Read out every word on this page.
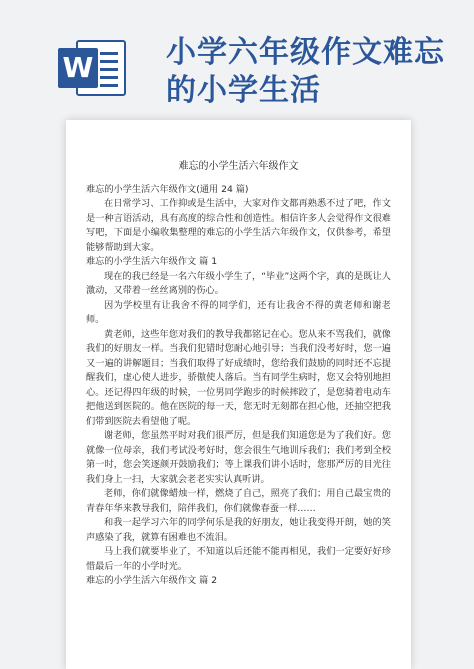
W 小学六年级作文难忘的小学生活
难忘的小学生活六年级作文

难忘的小学生活六年级作文(通用 24 篇)

在日常学习、工作抑或是生活中，大家对作文都再熟悉不过了吧，作文是一种言语活动，具有高度的综合性和创造性。相信许多人会觉得作文很难写吧，下面是小编收集整理的难忘的小学生活六年级作文，仅供参考，希望能够帮助到大家。

难忘的小学生活六年级作文 篇 1

现在的我已经是一名六年级小学生了，“毕业”这两个字，真的是既让人激动，又带着一丝丝离别的伤心。

因为学校里有让我舍不得的同学们，还有让我舍不得的黄老师和谢老师。

黄老师，这些年您对我们的教导我都铭记在心。您从来不骂我们，就像我们的好朋友一样。当我们犯错时您耐心地引导；当我们没考好时，您一遍又一遍的讲解题目；当我们取得了好成绩时，您给我们鼓励的同时还不忘提醒我们，虚心使人进步，骄傲使人落后。当有同学生病时，您又会特别地担心。还记得四年级的时候，一位男同学跑步的时候摔跤了，是您骑着电动车把他送到医院的。他在医院的每一天，您无时无刻都在担心他，还抽空把我们带到医院去看望他了呢。

谢老师，您虽然平时对我们很严厉，但是我们知道您是为了我们好。您就像一位母亲，我们考试没考好时，您会很生气地训斥我们；我们考到全校第一时，您会笑逐颜开鼓励我们；等上课我们讲小话时，您那严厉的目光往我们身上一扫，大家就会老老实实认真听讲。

老师，你们就像蜡烛一样，燃烧了自己，照亮了我们；用自己最宝贵的青春年华来教导我们，陪伴我们，你们就像春蚕一样……

和我一起学习六年的同学何乐是我的好朋友，她让我变得开朗，她的笑声感染了我，就算有困难也不流泪。

马上我们就要毕业了，不知道以后还能不能再相见，我们一定要好好珍惜最后一年的小学时光。

难忘的小学生活六年级作文 篇 2
